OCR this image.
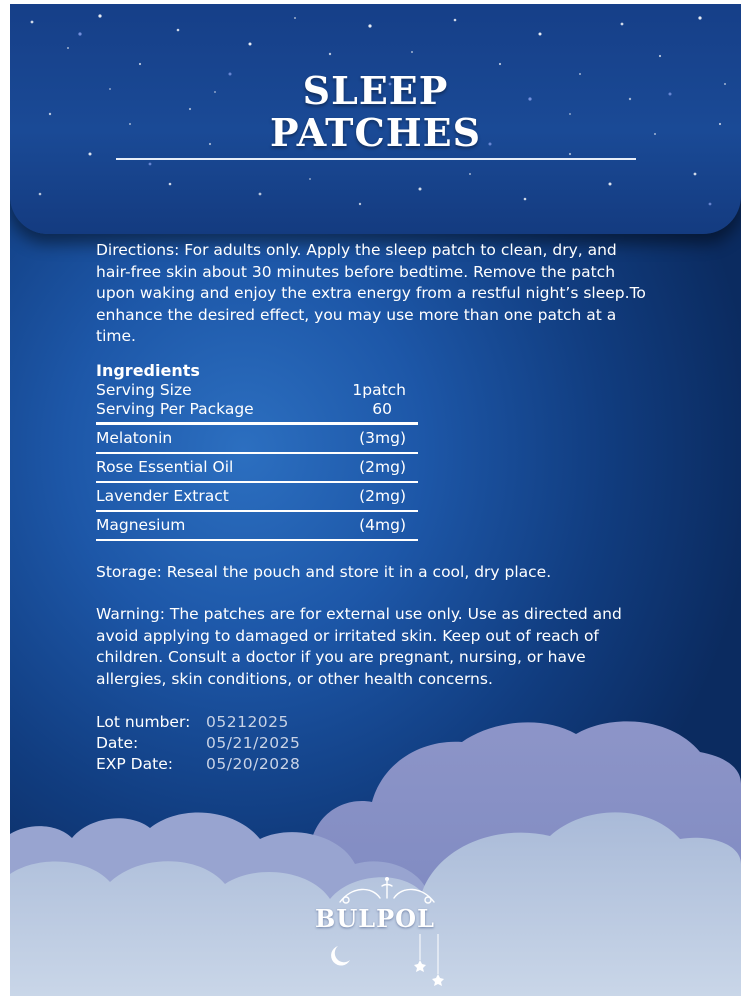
SLEEP
PATCHES
Directions: For adults only. Apply the sleep patch to clean, dry, and hair-free skin about 30 minutes before bedtime. Remove the patch upon waking and enjoy the extra energy from a restful night’s sleep.To enhance the desired effect, you may use more than one patch at a time.
Ingredients
Serving Size	1patch
Serving Per Package	60
Melatonin	(3mg)
Rose Essential Oil	(2mg)
Lavender Extract	(2mg)
Magnesium	(4mg)
Storage: Reseal the pouch and store it in a cool, dry place.
Warning: The patches are for external use only. Use as directed and avoid applying to damaged or irritated skin. Keep out of reach of children. Consult a doctor if you are pregnant, nursing, or have allergies, skin conditions, or other health concerns.
Lot number:	05212025
Date:	05/21/2025
EXP Date:	05/20/2028
BULPOL
